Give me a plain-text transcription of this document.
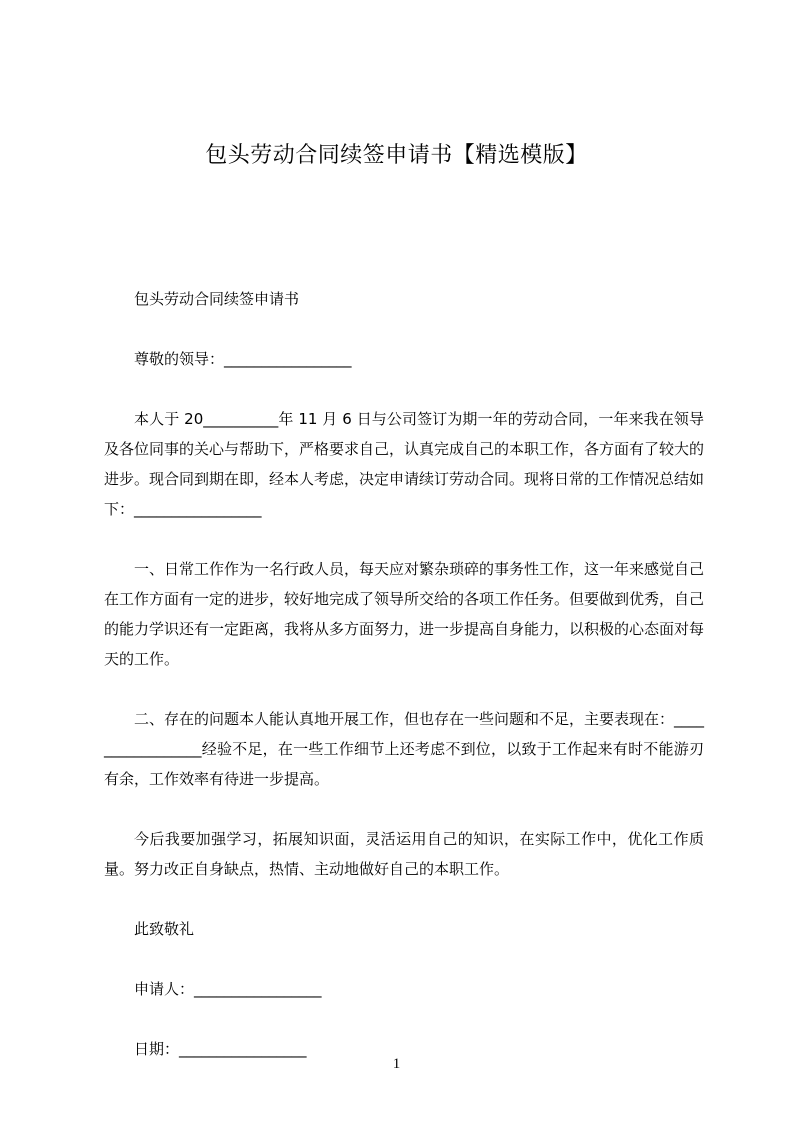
包头劳动合同续签申请书【精选模版】

包头劳动合同续签申请书

尊敬的领导：_________________

本人于 20__________年 11 月 6 日与公司签订为期一年的劳动合同，一年来我在领导及各位同事的关心与帮助下，严格要求自己，认真完成自己的本职工作，各方面有了较大的进步。现合同到期在即，经本人考虑，决定申请续订劳动合同。现将日常的工作情况总结如下：_________________

一、日常工作作为一名行政人员，每天应对繁杂琐碎的事务性工作，这一年来感觉自己在工作方面有一定的进步，较好地完成了领导所交给的各项工作任务。但要做到优秀，自己的能力学识还有一定距离，我将从多方面努力，进一步提高自身能力，以积极的心态面对每天的工作。

二、存在的问题本人能认真地开展工作，但也存在一些问题和不足，主要表现在：_________________经验不足，在一些工作细节上还考虑不到位，以致于工作起来有时不能游刃有余，工作效率有待进一步提高。

今后我要加强学习，拓展知识面，灵活运用自己的知识，在实际工作中，优化工作质量。努力改正自身缺点，热情、主动地做好自己的本职工作。

此致敬礼

申请人：_________________

日期：_________________

1
